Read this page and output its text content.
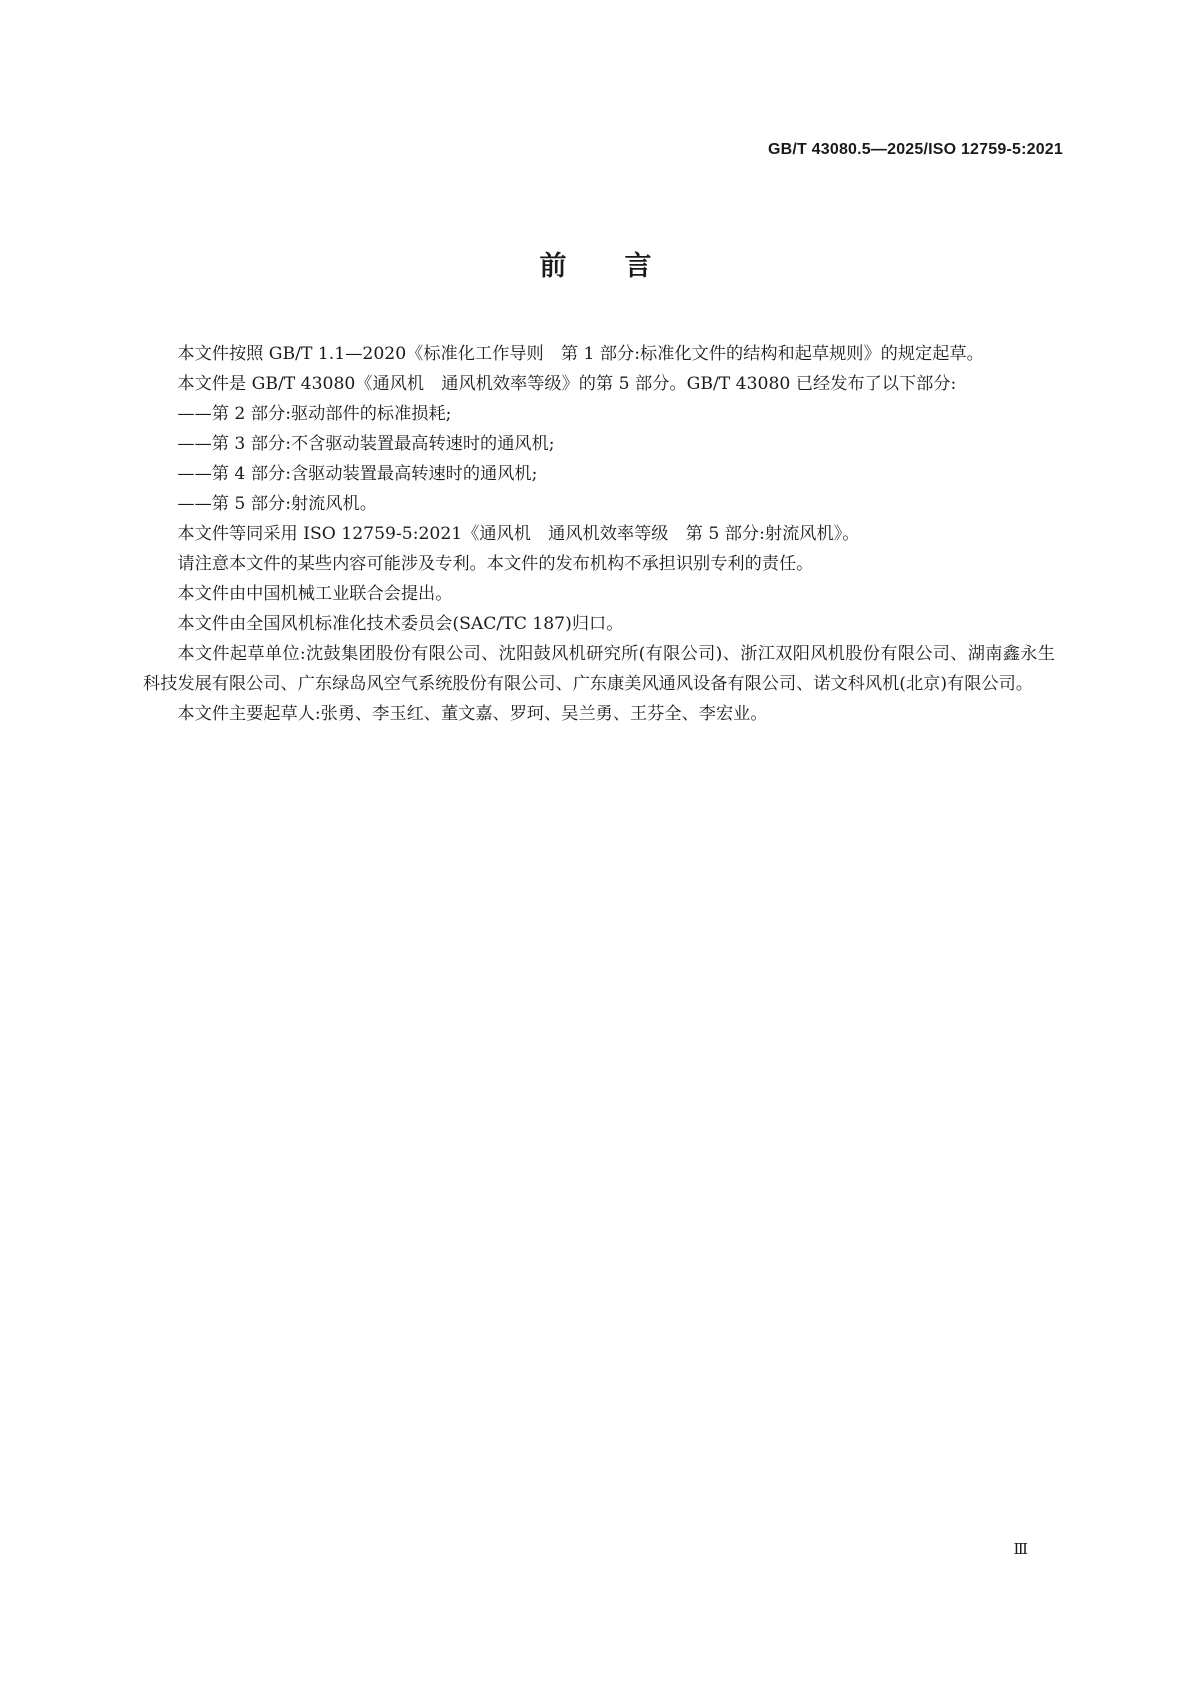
GB/T 43080.5—2025/ISO 12759-5:2021
前言

本文件按照 GB/T 1.1—2020《标准化工作导则　第 1 部分:标准化文件的结构和起草规则》的规定起草。

本文件是 GB/T 43080《通风机　通风机效率等级》的第 5 部分。GB/T 43080 已经发布了以下部分:

——第 2 部分:驱动部件的标准损耗;

——第 3 部分:不含驱动装置最高转速时的通风机;

——第 4 部分:含驱动装置最高转速时的通风机;

——第 5 部分:射流风机。

本文件等同采用 ISO 12759-5:2021《通风机　通风机效率等级　第 5 部分:射流风机》。

请注意本文件的某些内容可能涉及专利。本文件的发布机构不承担识别专利的责任。

本文件由中国机械工业联合会提出。

本文件由全国风机标准化技术委员会(SAC/TC 187)归口。

本文件起草单位:沈鼓集团股份有限公司、沈阳鼓风机研究所(有限公司)、浙江双阳风机股份有限公司、湖南鑫永生科技发展有限公司、广东绿岛风空气系统股份有限公司、广东康美风通风设备有限公司、诺文科风机(北京)有限公司。

本文件主要起草人:张勇、李玉红、董文嘉、罗珂、吴兰勇、王芬全、李宏业。

Ⅲ
